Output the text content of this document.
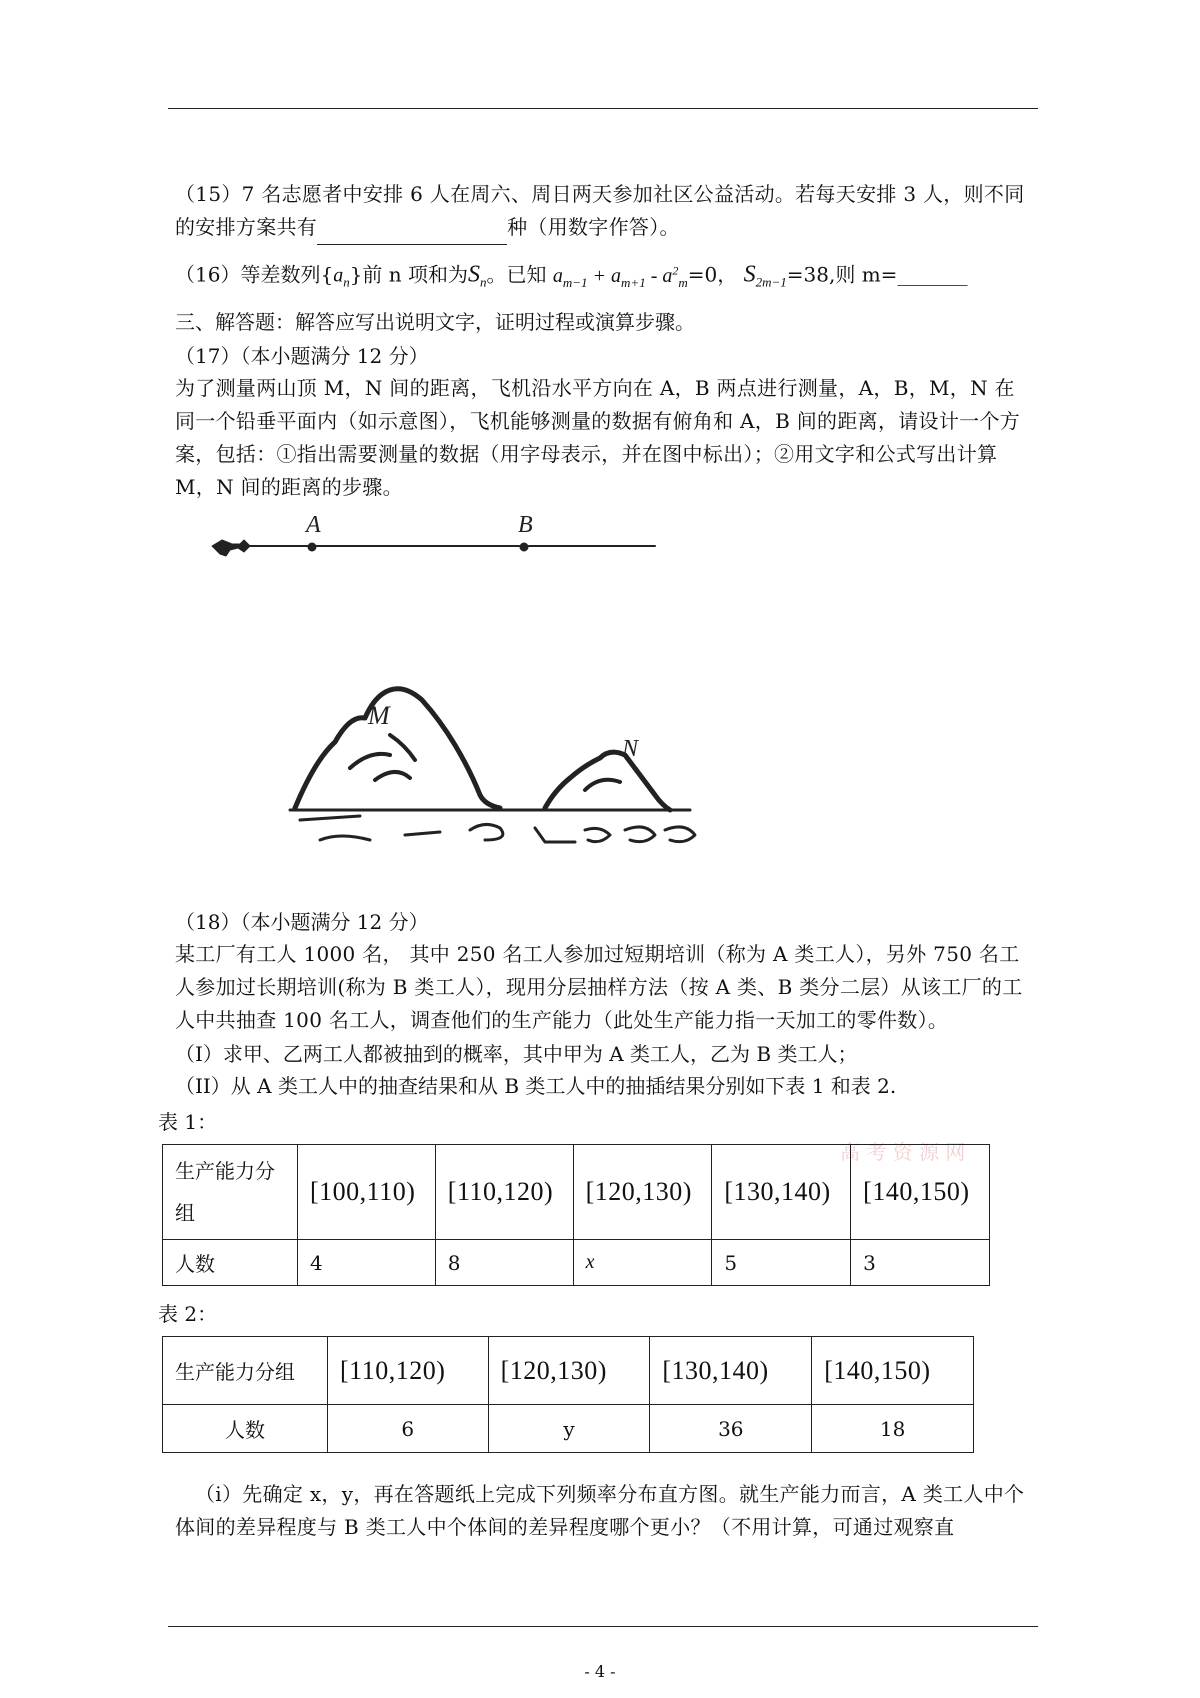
（15）7 名志愿者中安排 6 人在周六、周日两天参加社区公益活动。若每天安排 3 人，则不同的安排方案共有	种（用数字作答）。
（16）等差数列$\{a_n\}$前 n 项和为$S_n$。已知 $a_{m-1} + a_{m+1} - a^2_m=0$， $S_{2m-1}=38$,则 m=_______
三、解答题：解答应写出说明文字，证明过程或演算步骤。
（17）（本小题满分 12 分）
为了测量两山顶 M，N 间的距离，飞机沿水平方向在 A，B 两点进行测量，A，B，M，N 在同一个铅垂平面内（如示意图），飞机能够测量的数据有俯角和 A，B 间的距离，请设计一个方案，包括：①指出需要测量的数据（用字母表示，并在图中标出）；②用文字和公式写出计算 M，N 间的距离的步骤。
A	B
M
N
（18）（本小题满分 12 分）
某工厂有工人 1000 名， 其中 250 名工人参加过短期培训（称为 A 类工人），另外 750 名工人参加过长期培训(称为 B 类工人），现用分层抽样方法（按 A 类、B 类分二层）从该工厂的工人中共抽查 100 名工人，调查他们的生产能力（此处生产能力指一天加工的零件数）。
（I）求甲、乙两工人都被抽到的概率，其中甲为 A 类工人，乙为 B 类工人；
（II）从 A 类工人中的抽查结果和从 B 类工人中的抽插结果分别如下表 1 和表 2.
表 1：
高 考 资 源 网
生产能力分组	[100,110)	[110,120)	[120,130)	[130,140)	[140,150)
人数	4	8	x	5	3
表 2：
生产能力分组	[110,120)	[120,130)	[130,140)	[140,150)
人数	6	y	36	18
（i）先确定 x，y，再在答题纸上完成下列频率分布直方图。就生产能力而言，A 类工人中个体间的差异程度与 B 类工人中个体间的差异程度哪个更小？（不用计算，可通过观察直
- 4 -
